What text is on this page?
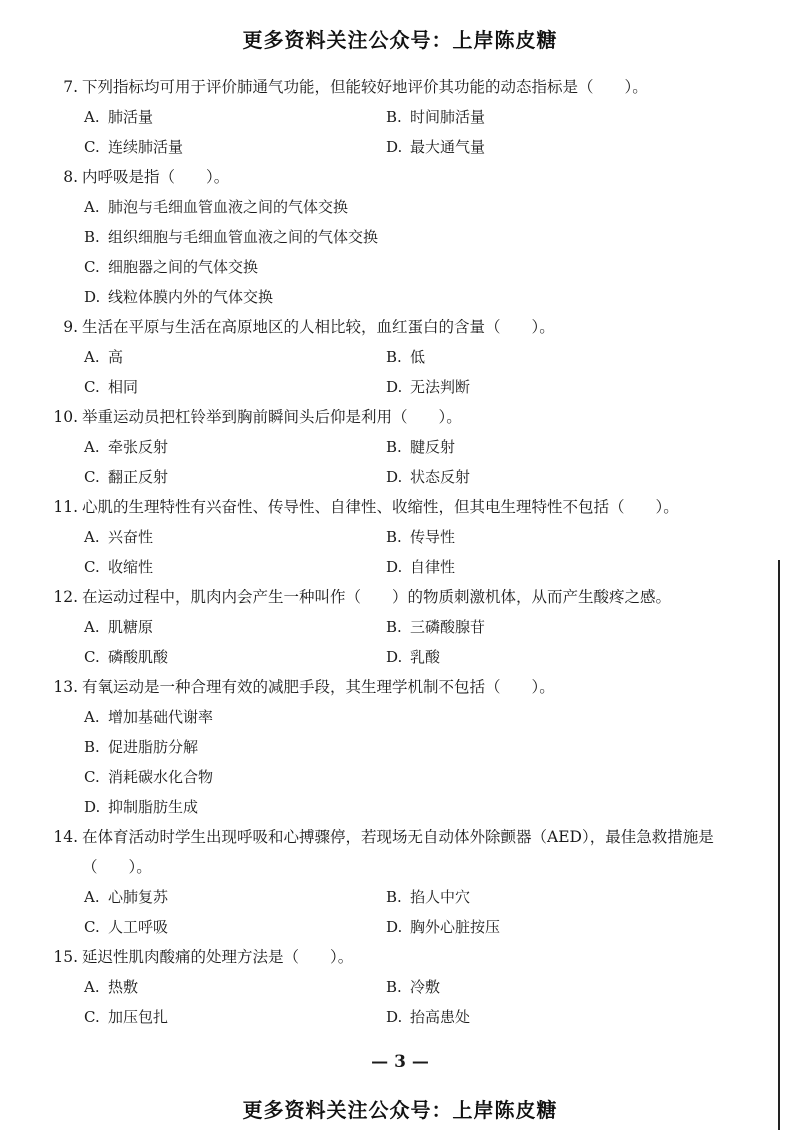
更多资料关注公众号：上岸陈皮糖
7. 下列指标均可用于评价肺通气功能，但能较好地评价其功能的动态指标是（　　）。
A. 肺活量	B. 时间肺活量
C. 连续肺活量	D. 最大通气量
8. 内呼吸是指（　　）。
A. 肺泡与毛细血管血液之间的气体交换
B. 组织细胞与毛细血管血液之间的气体交换
C. 细胞器之间的气体交换
D. 线粒体膜内外的气体交换
9. 生活在平原与生活在高原地区的人相比较，血红蛋白的含量（　　）。
A. 高	B. 低
C. 相同	D. 无法判断
10. 举重运动员把杠铃举到胸前瞬间头后仰是利用（　　）。
A. 牵张反射	B. 腱反射
C. 翻正反射	D. 状态反射
11. 心肌的生理特性有兴奋性、传导性、自律性、收缩性，但其电生理特性不包括（　　）。
A. 兴奋性	B. 传导性
C. 收缩性	D. 自律性
12. 在运动过程中，肌肉内会产生一种叫作（　　）的物质刺激机体，从而产生酸疼之感。
A. 肌糖原	B. 三磷酸腺苷
C. 磷酸肌酸	D. 乳酸
13. 有氧运动是一种合理有效的减肥手段，其生理学机制不包括（　　）。
A. 增加基础代谢率
B. 促进脂肪分解
C. 消耗碳水化合物
D. 抑制脂肪生成
14. 在体育活动时学生出现呼吸和心搏骤停，若现场无自动体外除颤器（AED），最佳急救措施是（　　）。
A. 心肺复苏	B. 掐人中穴
C. 人工呼吸	D. 胸外心脏按压
15. 延迟性肌肉酸痛的处理方法是（　　）。
A. 热敷	B. 冷敷
C. 加压包扎	D. 抬高患处
— 3 —
更多资料关注公众号：上岸陈皮糖
